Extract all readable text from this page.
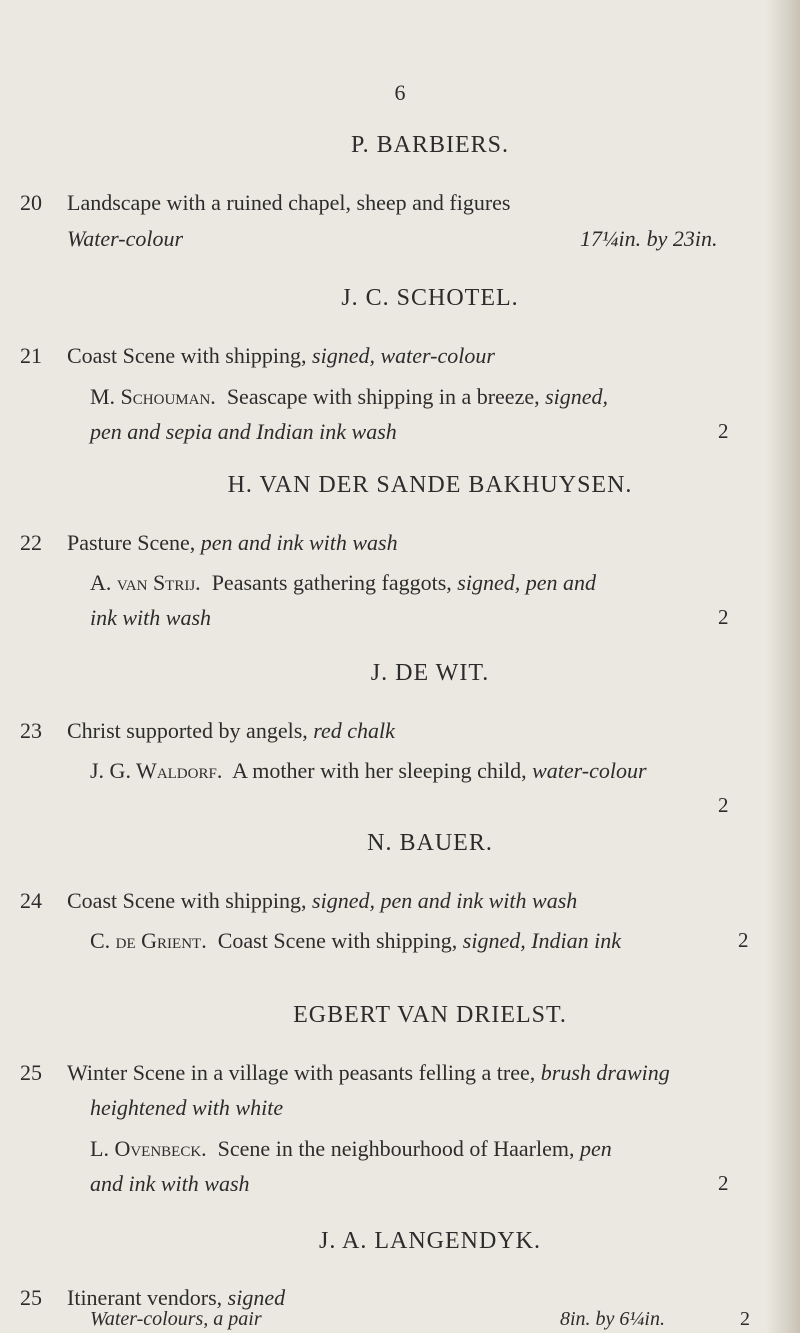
6
P. BARBIERS.
20 Landscape with a ruined chapel, sheep and figures
Water-colour	17¼in. by 23in.
J. C. SCHOTEL.
21 Coast Scene with shipping, signed, water-colour
M. Schouman. Seascape with shipping in a breeze, signed,
pen and sepia and Indian ink wash	2
H. VAN DER SANDE BAKHUYSEN.
22 Pasture Scene, pen and ink with wash
A. van Strij. Peasants gathering faggots, signed, pen and
ink with wash	2
J. DE WIT.
23 Christ supported by angels, red chalk
J. G. Waldorf. A mother with her sleeping child, water-colour
2
N. BAUER.
24 Coast Scene with shipping, signed, pen and ink with wash
C. de Grient. Coast Scene with shipping, signed, Indian ink	2
EGBERT VAN DRIELST.
25 Winter Scene in a village with peasants felling a tree, brush drawing
heightened with white
L. Ovenbeck. Scene in the neighbourhood of Haarlem, pen
and ink with wash	2
J. A. LANGENDYK.
25 Itinerant vendors, signed
Water-colours, a pair	8in. by 6¼in.	2
